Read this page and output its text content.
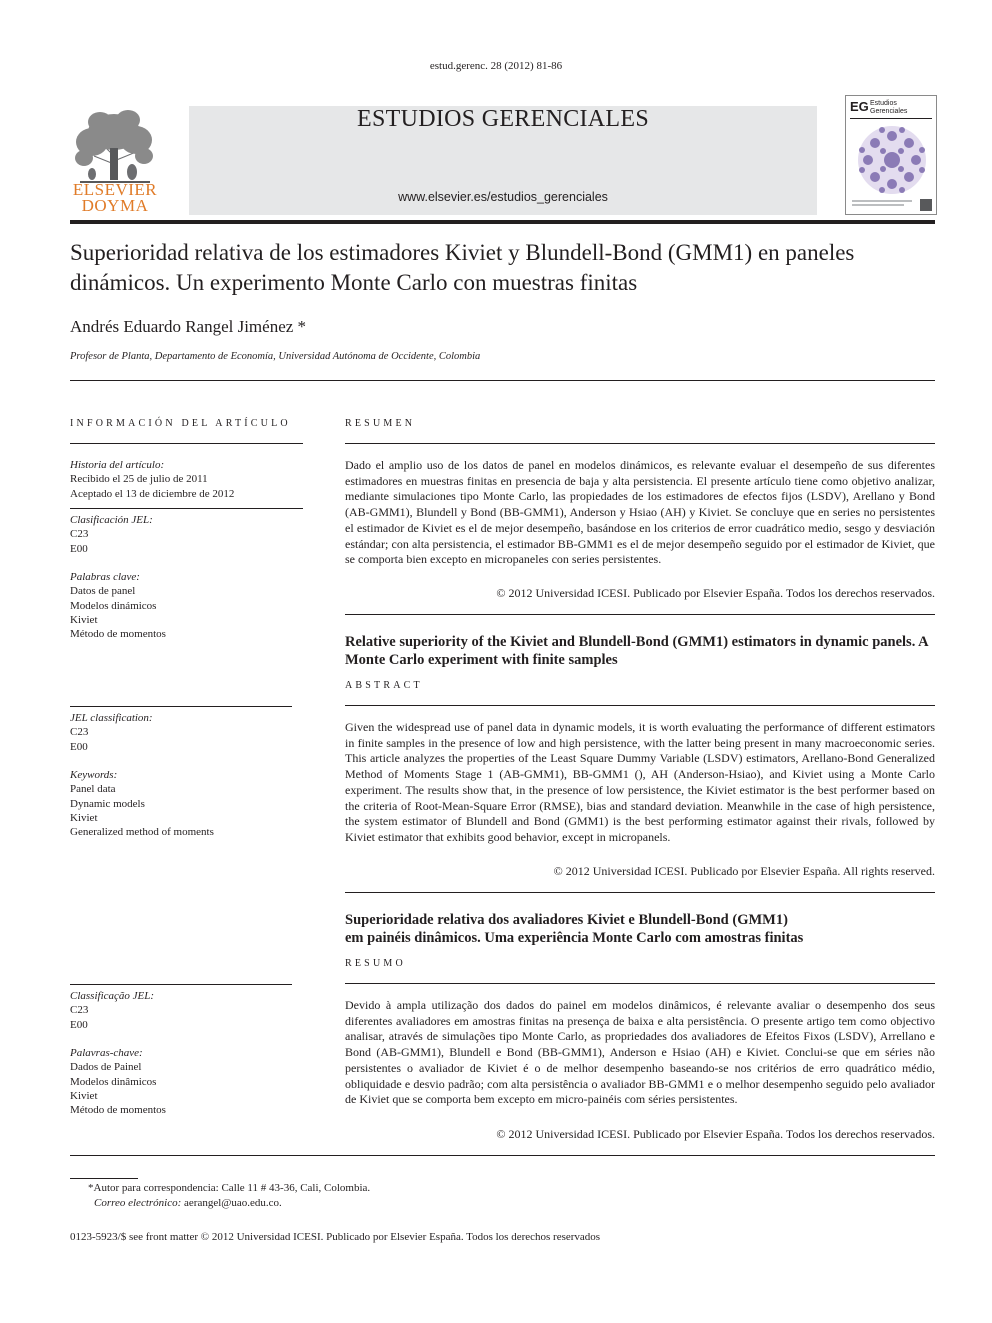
estud.gerenc. 28 (2012) 81-86
ELSEVIER
DOYMA
ESTUDIOS GERENCIALES
www.elsevier.es/estudios_gerenciales
EG Estudios
Gerenciales
Superioridad relativa de los estimadores Kiviet y Blundell-Bond (GMM1) en paneles dinámicos. Un experimento Monte Carlo con muestras finitas
Andrés Eduardo Rangel Jiménez *
Profesor de Planta, Departamento de Economía, Universidad Autónoma de Occidente, Colombia
INFORMACIÓN DEL ARTÍCULO
Historia del artículo:
Recibido el 25 de julio de 2011
Aceptado el 13 de diciembre de 2012
Clasificación JEL:
C23
E00
Palabras clave:
Datos de panel
Modelos dinámicos
Kiviet
Método de momentos
JEL classification:
C23
E00
Keywords:
Panel data
Dynamic models
Kiviet
Generalized method of moments
Classificação JEL:
C23
E00
Palavras-chave:
Dados de Painel
Modelos dinâmicos
Kiviet
Método de momentos
RESUMEN

Dado el amplio uso de los datos de panel en modelos dinámicos, es relevante evaluar el desempeño de sus diferentes estimadores en muestras finitas en presencia de baja y alta persistencia. El presente artículo tiene como objetivo analizar, mediante simulaciones tipo Monte Carlo, las propiedades de los estimadores de efectos fijos (LSDV), Arellano y Bond (AB-GMM1), Blundell y Bond (BB-GMM1), Anderson y Hsiao (AH) y Kiviet. Se concluye que en series no persistentes el estimador de Kiviet es el de mejor desempeño, basándose en los criterios de error cuadrático medio, sesgo y desviación estándar; con alta persistencia, el estimador BB-GMM1 es el de mejor desempeño seguido por el estimador de Kiviet, que se comporta bien excepto en micropaneles con series persistentes.

© 2012 Universidad ICESI. Publicado por Elsevier España. Todos los derechos reservados.
Relative superiority of the Kiviet and Blundell-Bond (GMM1) estimators in dynamic panels. A Monte Carlo experiment with finite samples
ABSTRACT

Given the widespread use of panel data in dynamic models, it is worth evaluating the performance of different estimators in finite samples in the presence of low and high persistence, with the latter being present in many macroeconomic series. This article analyzes the properties of the Least Square Dummy Variable (LSDV) estimators, Arellano-Bond Generalized Method of Moments Stage 1 (AB-GMM1), BB-GMM1 (), AH (Anderson-Hsiao), and Kiviet using a Monte Carlo experiment. The results show that, in the presence of low persistence, the Kiviet estimator is the best performer based on the criteria of Root-Mean-Square Error (RMSE), bias and standard deviation. Meanwhile in the case of high persistence, the system estimator of Blundell and Bond (GMM1) is the best performing estimator against their rivals, followed by Kiviet estimator that exhibits good behavior, except in micropanels.

© 2012 Universidad ICESI. Publicado por Elsevier España. All rights reserved.
Superioridade relativa dos avaliadores Kiviet e Blundell-Bond (GMM1)
em painéis dinâmicos. Uma experiência Monte Carlo com amostras finitas
RESUMO

Devido à ampla utilização dos dados do painel em modelos dinâmicos, é relevante avaliar o desempenho dos seus diferentes avaliadores em amostras finitas na presença de baixa e alta persistência. O presente artigo tem como objectivo analisar, através de simulações tipo Monte Carlo, as propriedades dos avaliadores de Efeitos Fixos (LSDV), Arrellano e Bond (AB-GMM1), Blundell e Bond (BB-GMM1), Anderson e Hsiao (AH) e Kiviet. Conclui-se que em séries não persistentes o avaliador de Kiviet é o de melhor desempenho baseando-se nos critérios de erro quadrático médio, obliquidade e desvio padrão; com alta persistência o avaliador BB-GMM1 e o melhor desempenho seguido pelo avaliador de Kiviet que se comporta bem excepto em micro-painéis com séries persistentes.

© 2012 Universidad ICESI. Publicado por Elsevier España. Todos los derechos reservados.
*Autor para correspondencia: Calle 11 # 43-36, Cali, Colombia.
Correo electrónico: aerangel@uao.edu.co.
0123-5923/$ see front matter © 2012 Universidad ICESI. Publicado por Elsevier España. Todos los derechos reservados
